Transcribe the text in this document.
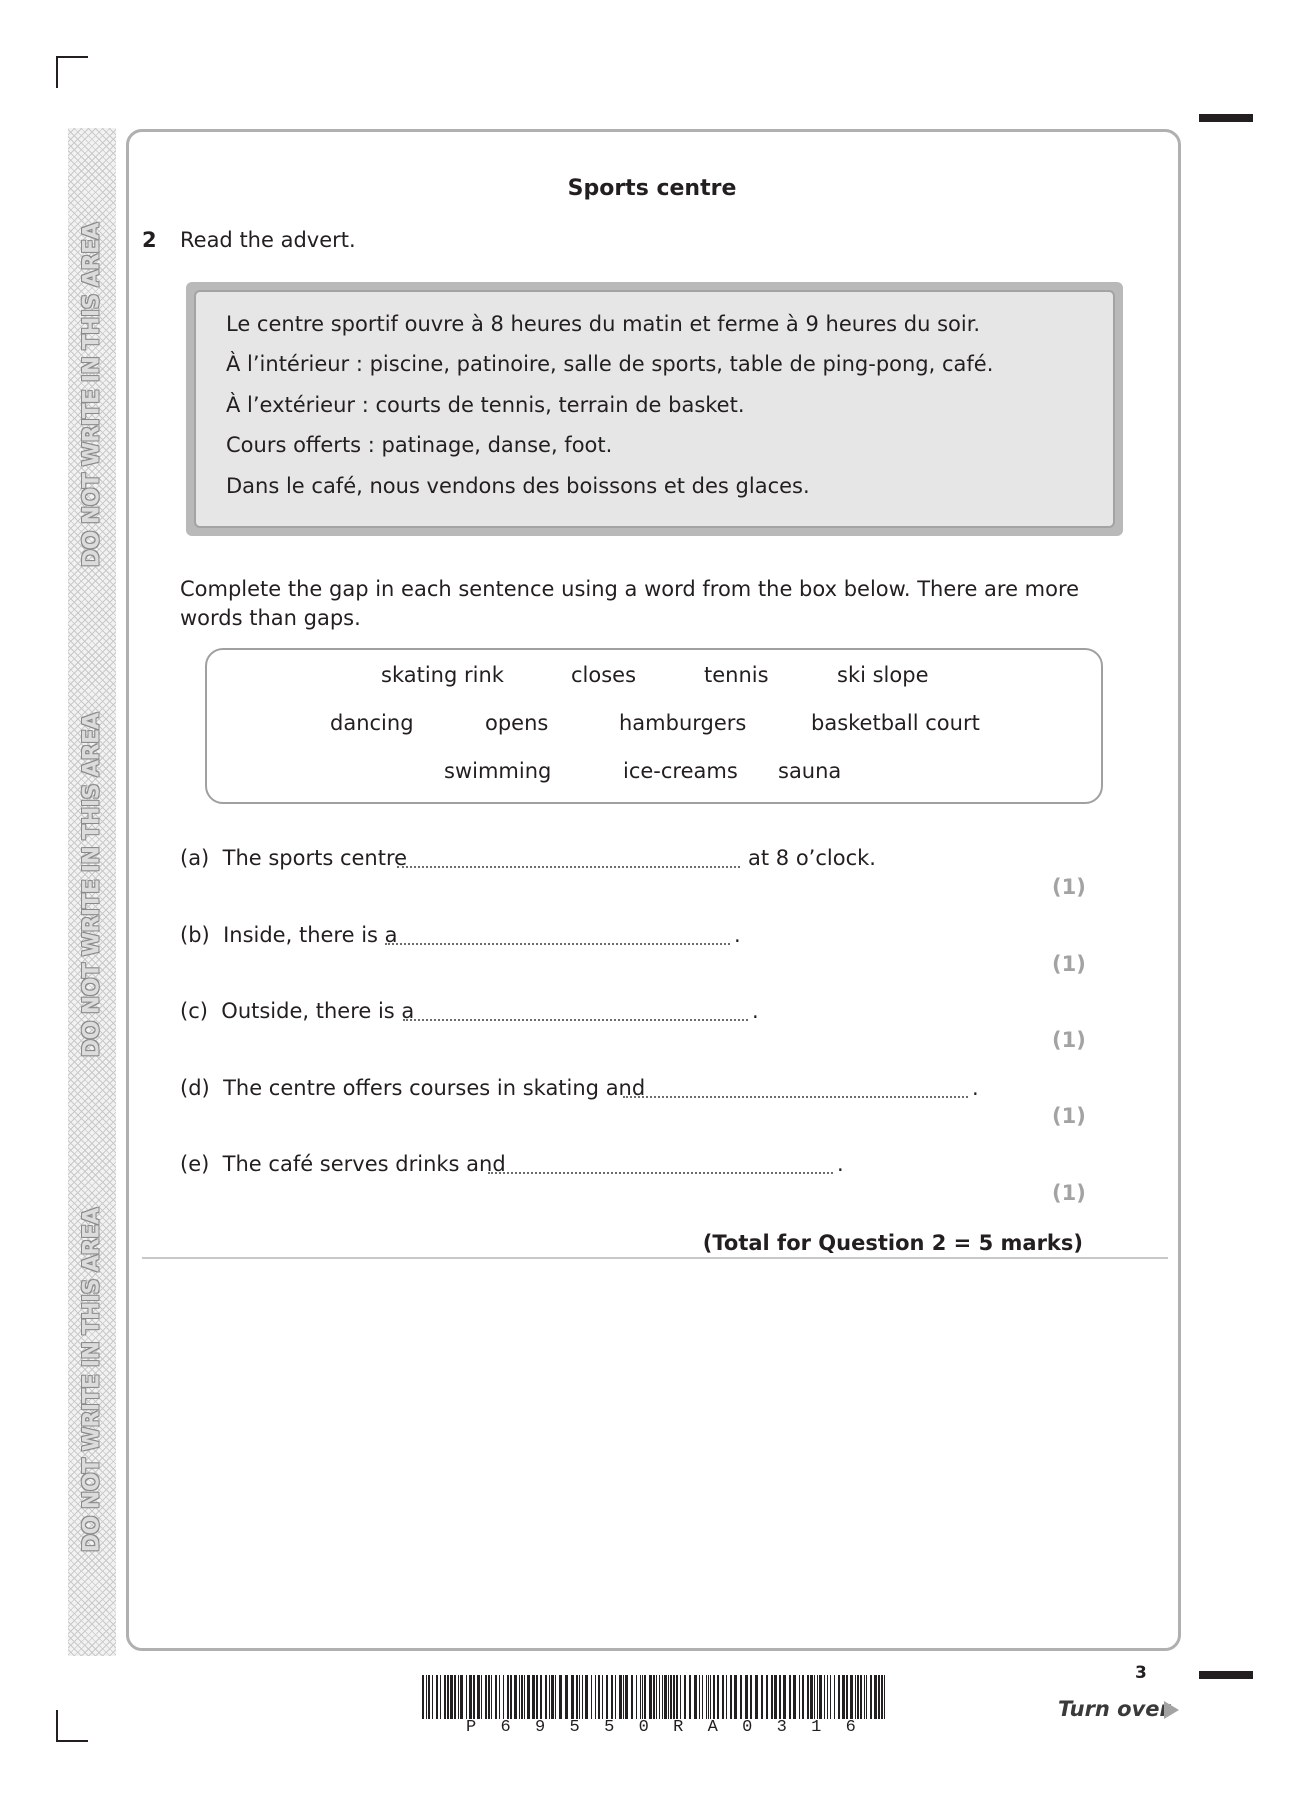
DO NOT WRITE IN THIS AREA
DO NOT WRITE IN THIS AREA
DO NOT WRITE IN THIS AREA
Sports centre
2 Read the advert.
Le centre sportif ouvre à 8 heures du matin et ferme à 9 heures du soir.
À l’intérieur : piscine, patinoire, salle de sports, table de ping-pong, café.
À l’extérieur : courts de tennis, terrain de basket.
Cours offerts : patinage, danse, foot.
Dans le café, nous vendons des boissons et des glaces.
Complete the gap in each sentence using a word from the box below. There are more words than gaps.
skating rink	closes	tennis	ski slope
dancing	opens	hamburgers	basketball court
swimming	ice-creams sauna
(a) The sports centre	at 8 o’clock.
(1)
(b) Inside, there is a	.
(1)
(c) Outside, there is a	.
(1)
(d) The centre offers courses in skating and	.
(1)
(e) The café serves drinks and	.
(1)
(Total for Question 2 = 5 marks)
3
Turn over
P 6 9 5 5 0 R A 0 3 1 6
